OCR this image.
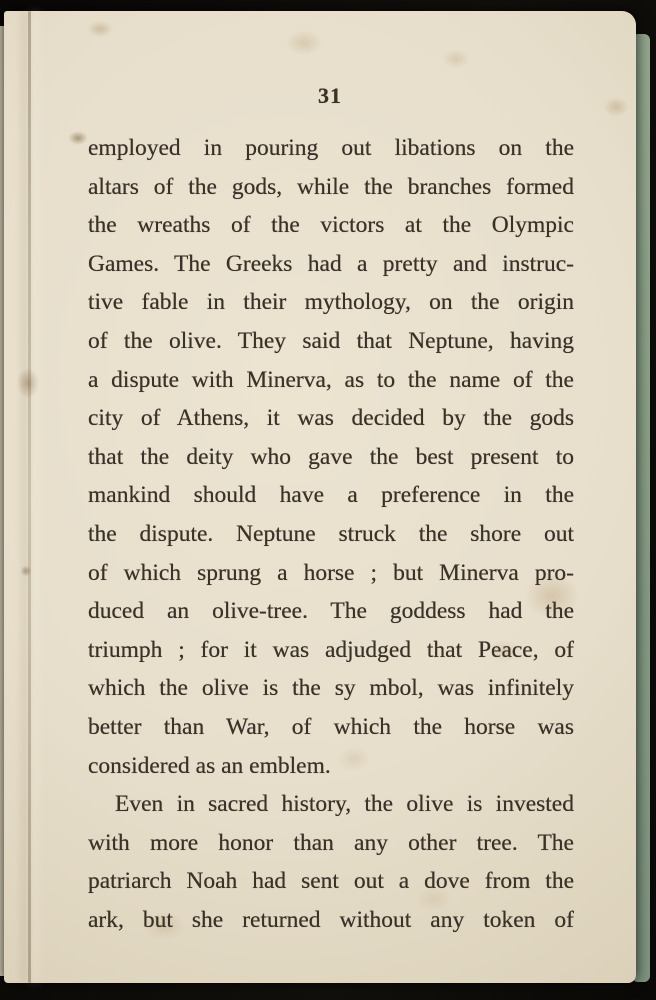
31
employed in pouring out libations on the
altars of the gods, while the branches formed
the wreaths of the victors at the Olympic
Games. The Greeks had a pretty and instruc-
tive fable in their mythology, on the origin
of the olive. They said that Neptune, having
a dispute with Minerva, as to the name of the
city of Athens, it was decided by the gods
that the deity who gave the best present to
mankind should have a preference in the
the dispute. Neptune struck the shore out
of which sprung a horse ; but Minerva pro-
duced an olive-tree. The goddess had the
triumph ; for it was adjudged that Peace, of
which the olive is the sy mbol, was infinitely
better than War, of which the horse was
considered as an emblem.
Even in sacred history, the olive is invested
with more honor than any other tree. The
patriarch Noah had sent out a dove from the
ark, but she returned without any token of
